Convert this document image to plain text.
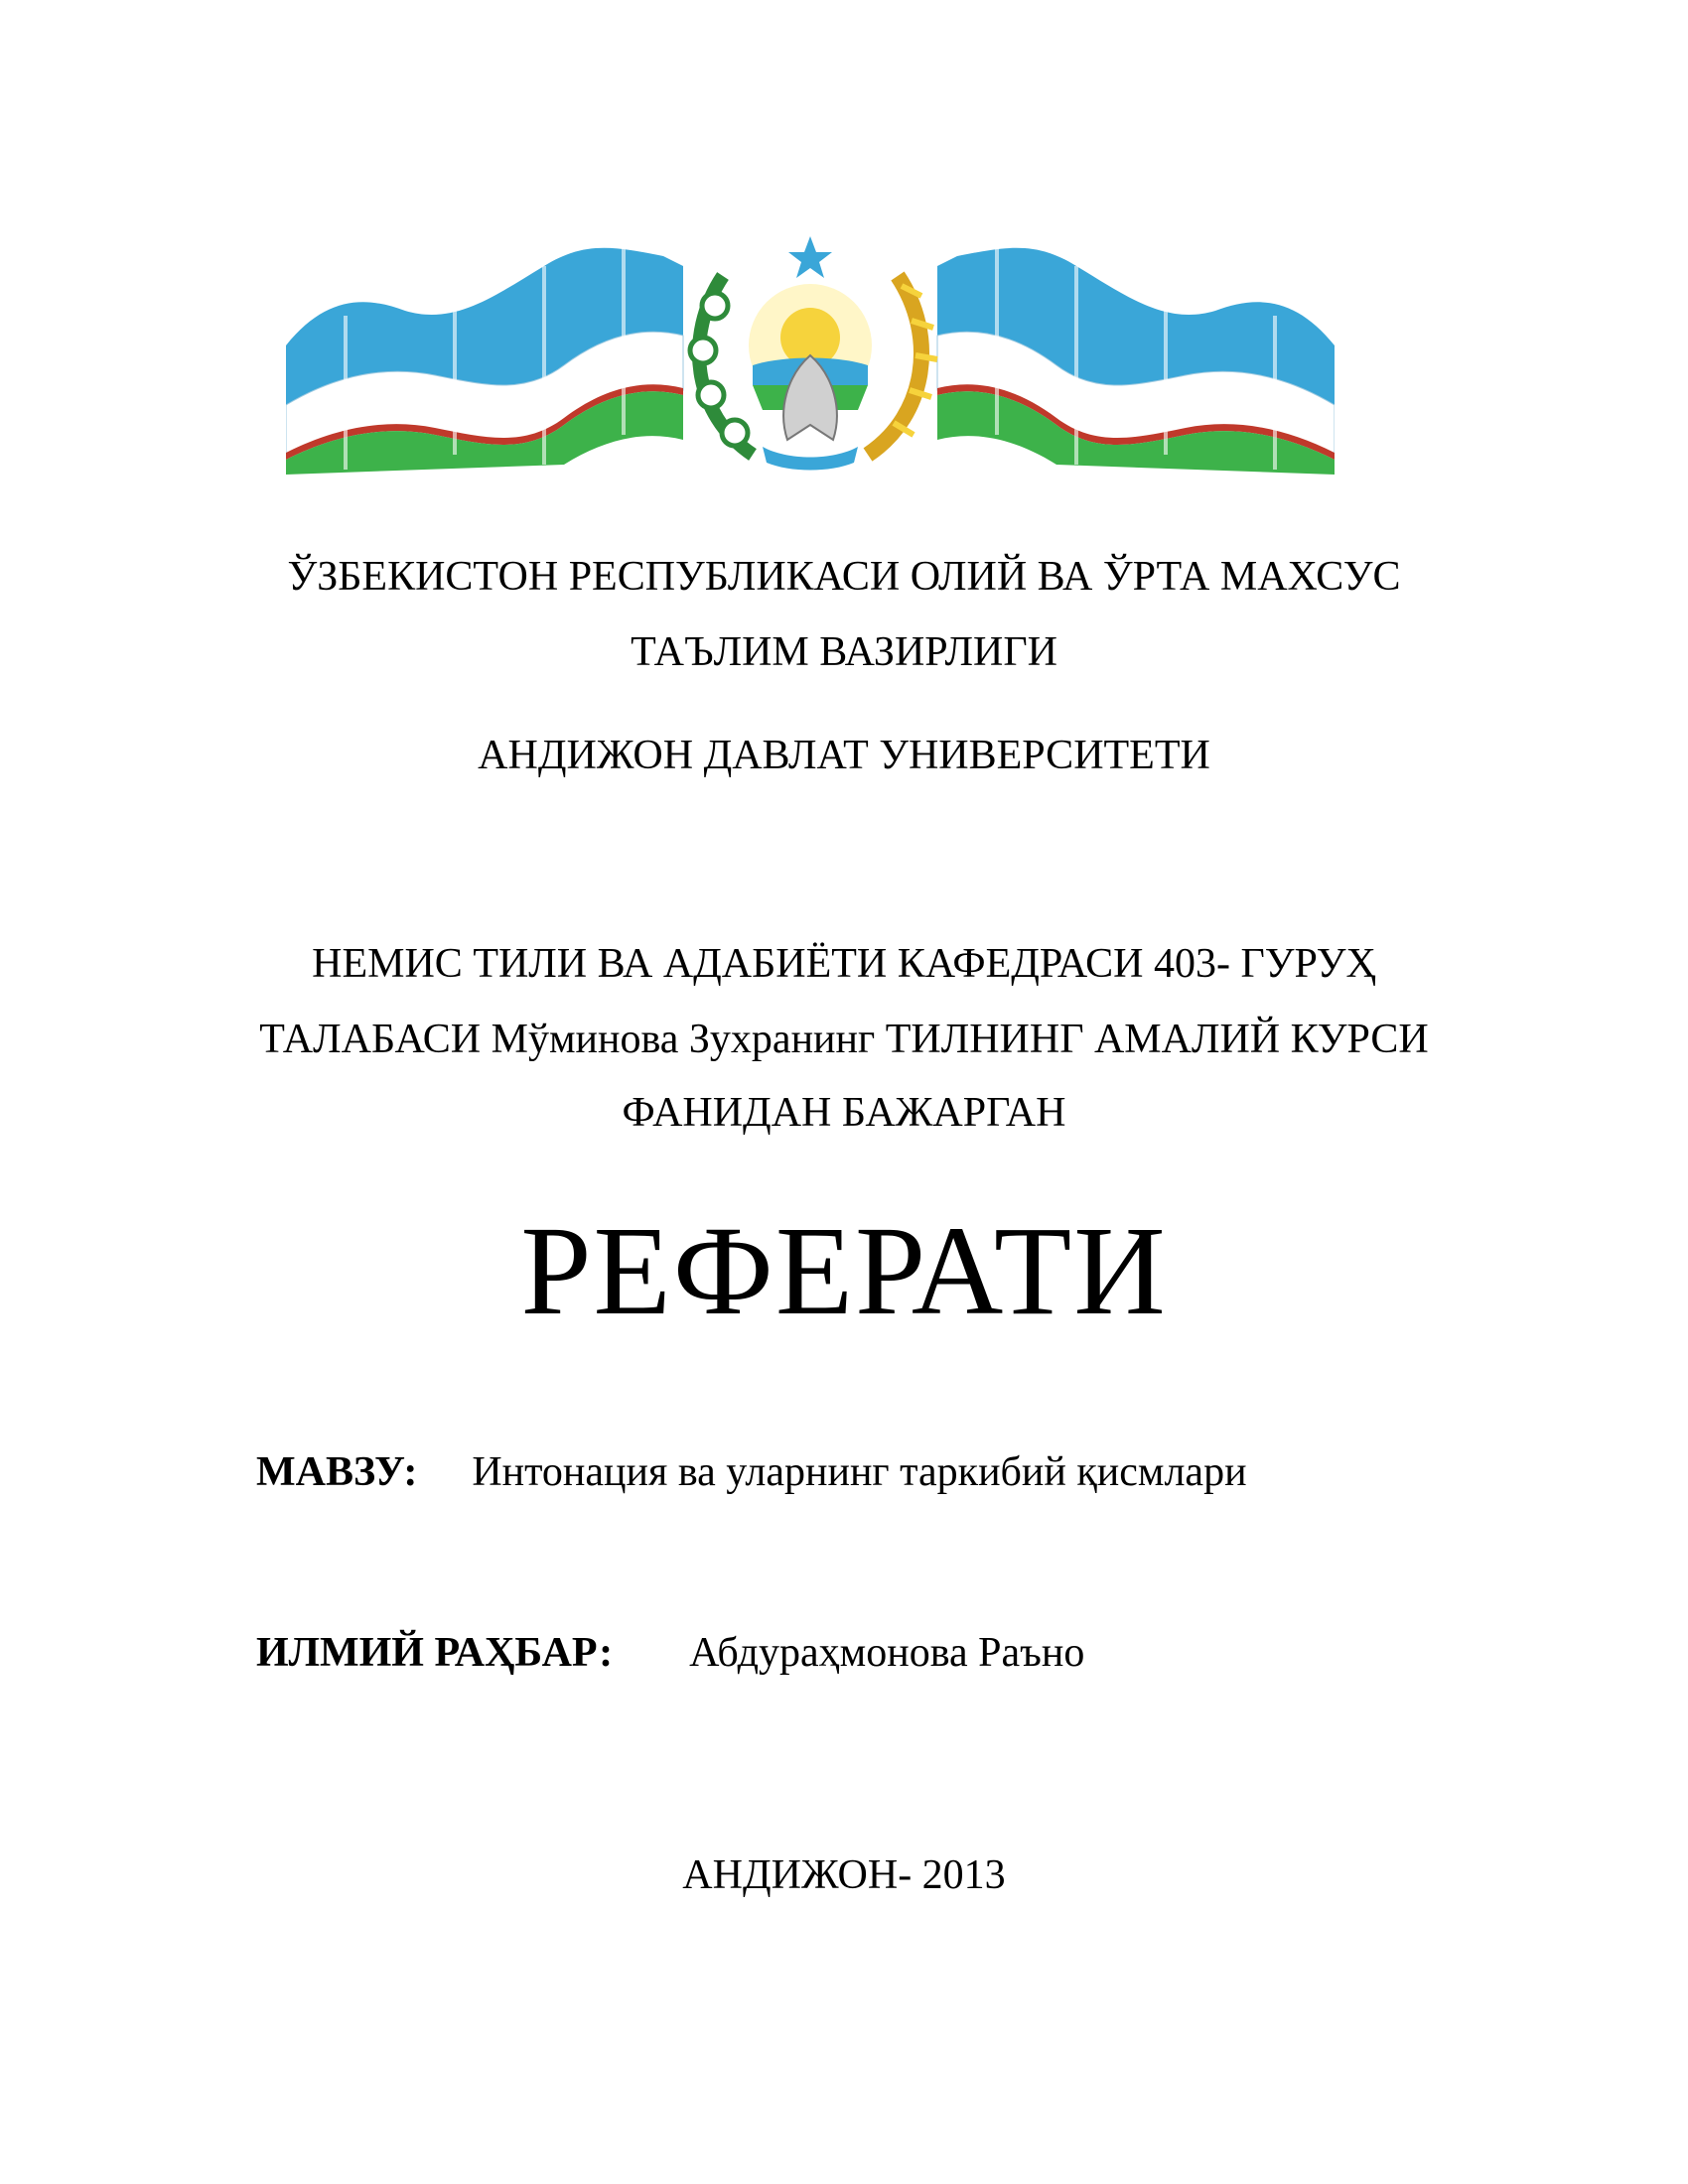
ЎЗБЕКИСТОН РЕСПУБЛИКАСИ ОЛИЙ ВА ЎРТА МАХСУС
ТАЪЛИМ ВАЗИРЛИГИ
АНДИЖОН ДАВЛАТ УНИВЕРСИТЕТИ
НЕМИС ТИЛИ ВА АДАБИЁТИ КАФЕДРАСИ 403- ГУРУҲ
ТАЛАБАСИ Мўминова Зухранинг ТИЛНИНГ АМАЛИЙ КУРСИ
ФАНИДАН БАЖАРГАН
РЕФЕРАТИ
МАВЗУ: Интонация ва уларнинг таркибий қисмлари
ИЛМИЙ РАҲБАР: Абдураҳмонова Раъно
АНДИЖОН- 2013
